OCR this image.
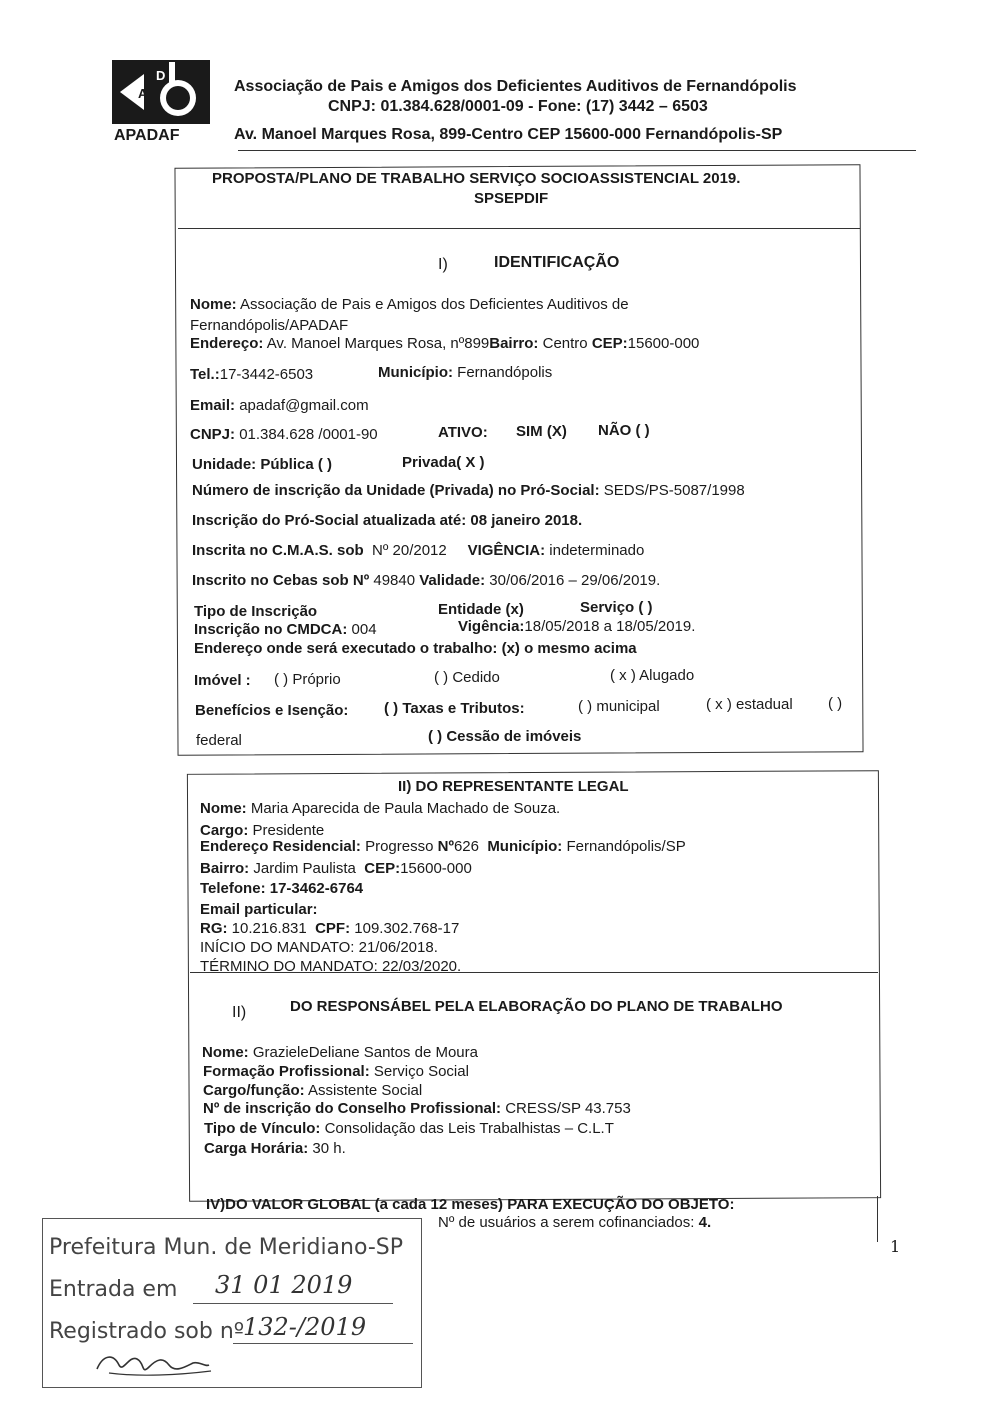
A
D
APADAF
Associação de Pais e Amigos dos Deficientes Auditivos de Fernandópolis
CNPJ: 01.384.628/0001-09 - Fone: (17) 3442 – 6503
Av. Manoel Marques Rosa, 899-Centro CEP 15600-000 Fernandópolis-SP
PROPOSTA/PLANO DE TRABALHO SERVIÇO SOCIOASSISTENCIAL 2019.
SPSEPDIF
I)	IDENTIFICAÇÃO
Nome: Associação de Pais e Amigos dos Deficientes Auditivos de
Fernandópolis/APADAF
Endereço: Av. Manoel Marques Rosa, nº899Bairro: Centro CEP:15600-000
Tel.:17-3442-6503	Município: Fernandópolis
Email: apadaf@gmail.com
CNPJ: 01.384.628 /0001-90	ATIVO: SIM (X) NÃO ( )
Unidade: Pública ( )	Privada( X )
Número de inscrição da Unidade (Privada) no Pró-Social: SEDS/PS-5087/1998
Inscrição do Pró-Social atualizada até: 08 janeiro 2018.
Inscrita no C.M.A.S. sob Nº 20/2012 VIGÊNCIA: indeterminado
Inscrito no Cebas sob Nº 49840 Validade: 30/06/2016 – 29/06/2019.
Tipo de Inscrição	Entidade (x)	Serviço ( )
Inscrição no CMDCA: 004	Vigência:18/05/2018 a 18/05/2019.
Endereço onde será executado o trabalho: (x) o mesmo acima
Imóvel : ( ) Próprio	( ) Cedido	( x ) Alugado
Benefícios e Isenção: ( ) Taxas e Tributos:	( ) municipal	( x ) estadual ( )
federal	( ) Cessão de imóveis
II) DO REPRESENTANTE LEGAL
Nome: Maria Aparecida de Paula Machado de Souza.
Cargo: Presidente
Endereço Residencial: Progresso Nº626 Município: Fernandópolis/SP
Bairro: Jardim Paulista CEP:15600-000
Telefone: 17-3462-6764
Email particular:
RG: 10.216.831 CPF: 109.302.768-17
INÍCIO DO MANDATO: 21/06/2018.
TÉRMINO DO MANDATO: 22/03/2020.
II)	DO RESPONSÁBEL PELA ELABORAÇÃO DO PLANO DE TRABALHO
Nome: GrazieleDeliane Santos de Moura
Formação Profissional: Serviço Social
Cargo/função: Assistente Social
Nº de inscrição do Conselho Profissional: CRESS/SP 43.753
Tipo de Vínculo: Consolidação das Leis Trabalhistas – C.L.T
Carga Horária: 30 h.
IV)DO VALOR GLOBAL (a cada 12 meses) PARA EXECUÇÃO DO OBJETO:
Nº de usuários a serem cofinanciados: 4.
1
Prefeitura Mun. de Meridiano-SP
Entrada em 31 01 2019
Registrado sob nº
132-/2019
